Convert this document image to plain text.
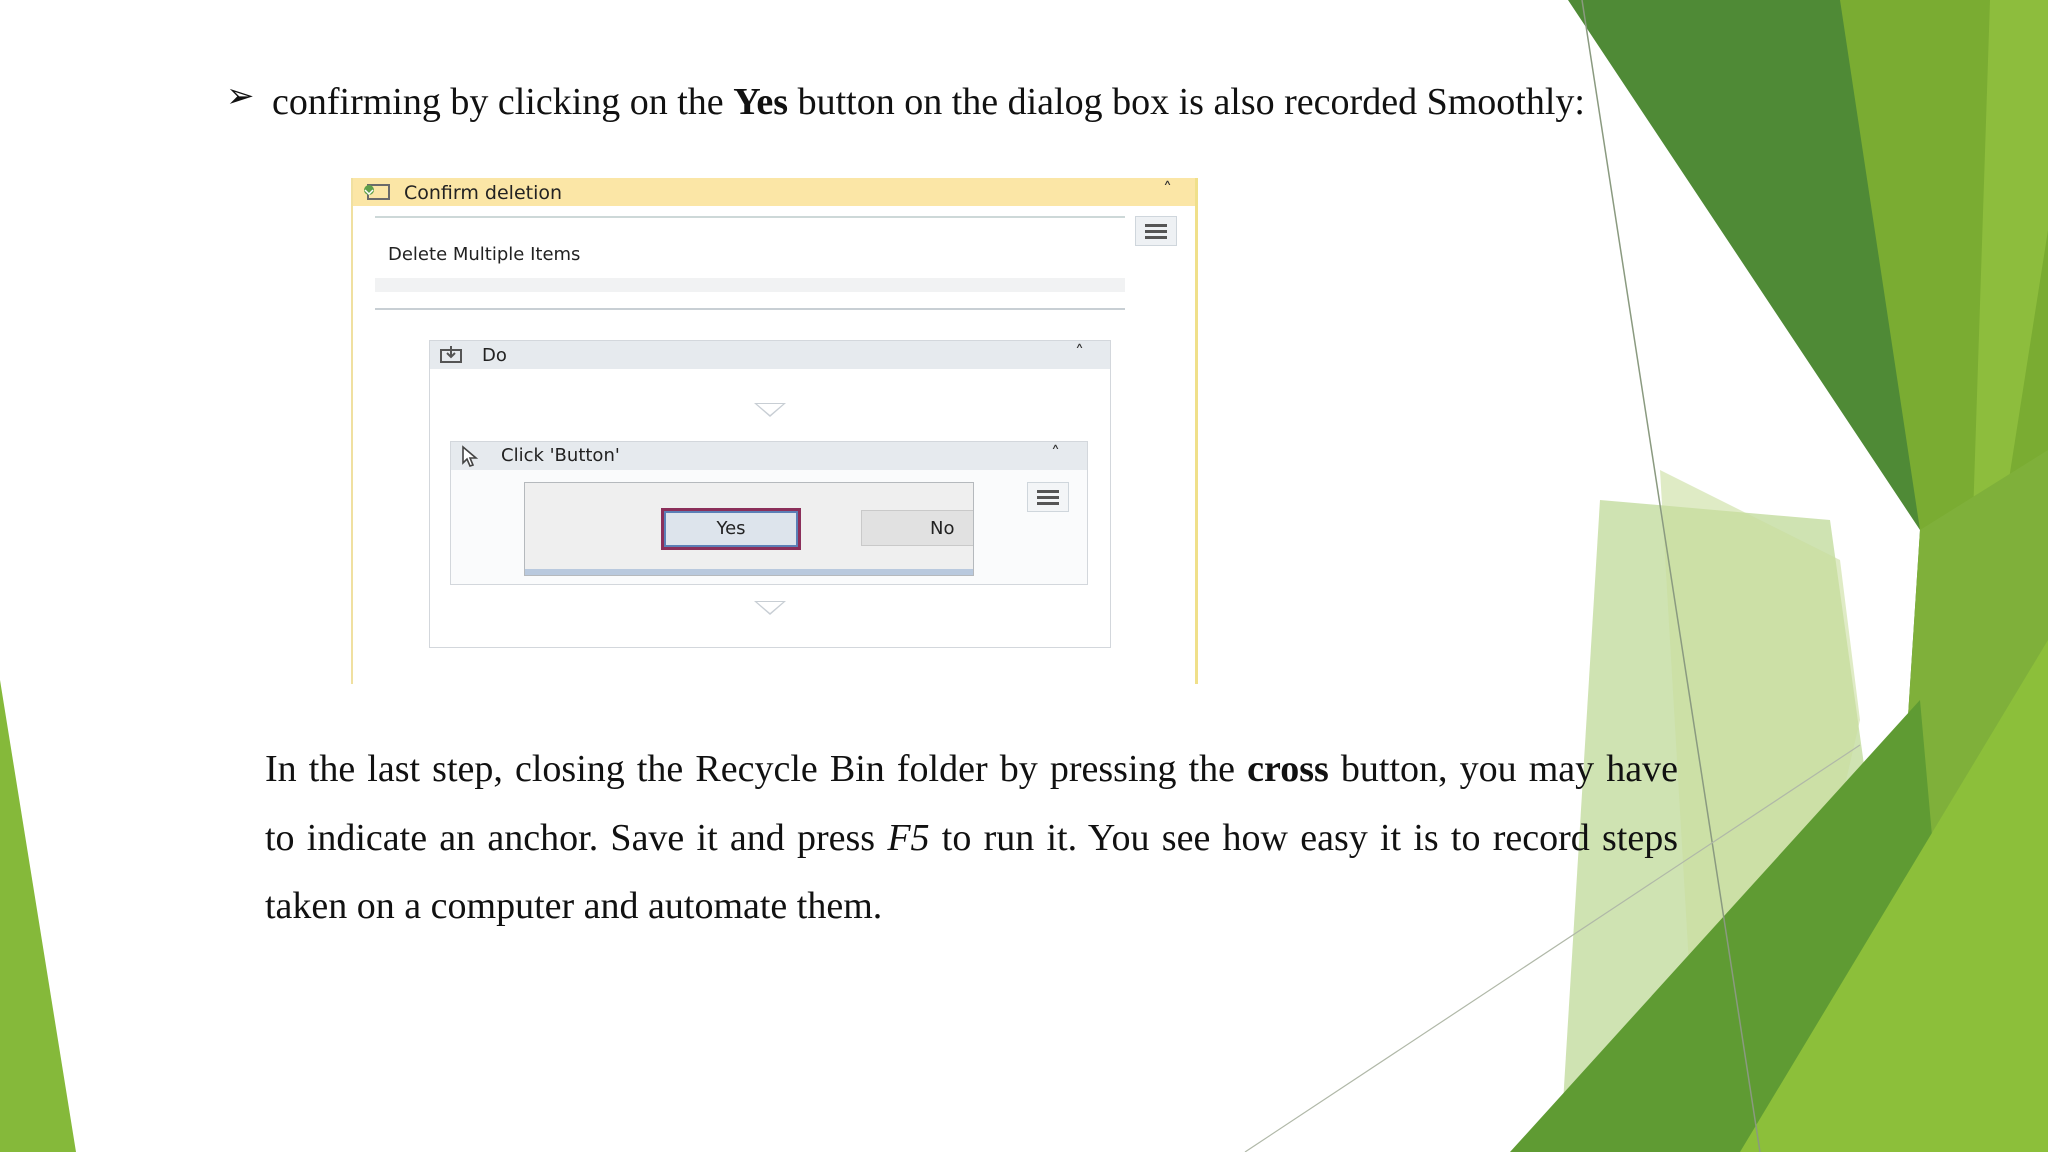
➢ confirming by clicking on the Yes button on the dialog box is also recorded Smoothly:
Confirm deletion	˄
Delete Multiple Items
Do	˄
Click 'Button'	˄
Yes	No
In the last step, closing the Recycle Bin folder by pressing the cross button, you may have
to indicate an anchor. Save it and press F5 to run it. You see how easy it is to record steps
taken on a computer and automate them.
